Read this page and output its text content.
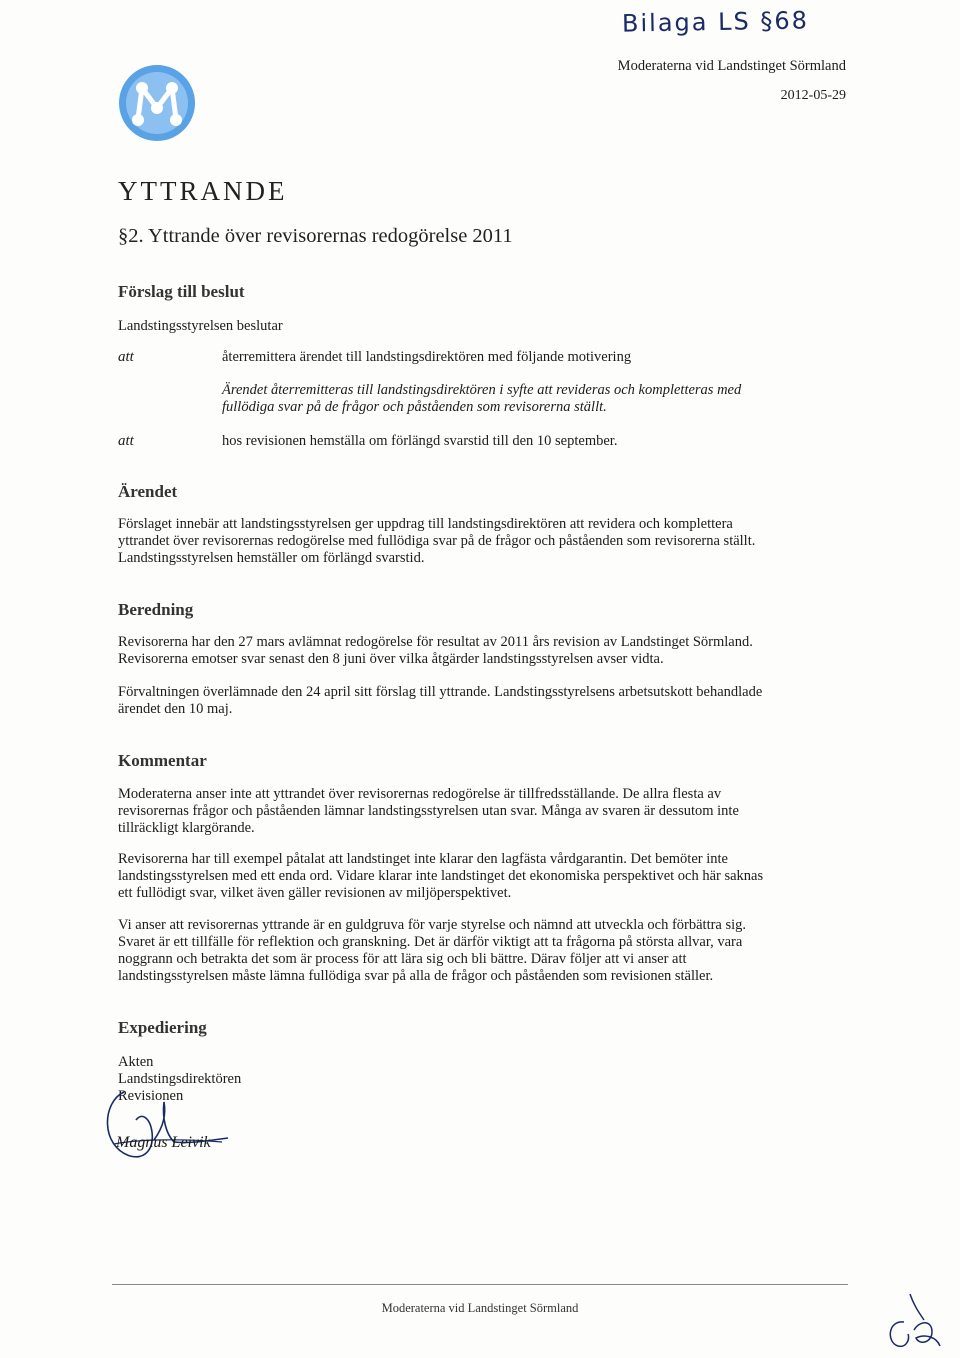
Bilaga LS §68
Moderaterna vid Landstinget Sörmland
2012-05-29
YTTRANDE
§2. Yttrande över revisorernas redogörelse 2011
Förslag till beslut
Landstingsstyrelsen beslutar
att	återremittera ärendet till landstingsdirektören med följande motivering
Ärendet återremitteras till landstingsdirektören i syfte att revideras och kompletteras med
fullödiga svar på de frågor och påståenden som revisorerna ställt.
att	hos revisionen hemställa om förlängd svarstid till den 10 september.
Ärendet
Förslaget innebär att landstingsstyrelsen ger uppdrag till landstingsdirektören att revidera och komplettera
yttrandet över revisorernas redogörelse med fullödiga svar på de frågor och påståenden som revisorerna ställt.
Landstingsstyrelsen hemställer om förlängd svarstid.
Beredning
Revisorerna har den 27 mars avlämnat redogörelse för resultat av 2011 års revision av Landstinget Sörmland.
Revisorerna emotser svar senast den 8 juni över vilka åtgärder landstingsstyrelsen avser vidta.
Förvaltningen överlämnade den 24 april sitt förslag till yttrande. Landstingsstyrelsens arbetsutskott behandlade
ärendet den 10 maj.
Kommentar
Moderaterna anser inte att yttrandet över revisorernas redogörelse är tillfredsställande. De allra flesta av
revisorernas frågor och påståenden lämnar landstingsstyrelsen utan svar. Många av svaren är dessutom inte
tillräckligt klargörande.
Revisorerna har till exempel påtalat att landstinget inte klarar den lagfästa vårdgarantin. Det bemöter inte
landstingsstyrelsen med ett enda ord. Vidare klarar inte landstinget det ekonomiska perspektivet och här saknas
ett fullödigt svar, vilket även gäller revisionen av miljöperspektivet.
Vi anser att revisorernas yttrande är en guldgruva för varje styrelse och nämnd att utveckla och förbättra sig.
Svaret är ett tillfälle för reflektion och granskning. Det är därför viktigt att ta frågorna på största allvar, vara
noggrann och betrakta det som är process för att lära sig och bli bättre. Därav följer att vi anser att
landstingsstyrelsen måste lämna fullödiga svar på alla de frågor och påståenden som revisionen ställer.
Expediering
Akten
Landstingsdirektören
Revisionen
Magnus Leivik
Moderaterna vid Landstinget Sörmland
